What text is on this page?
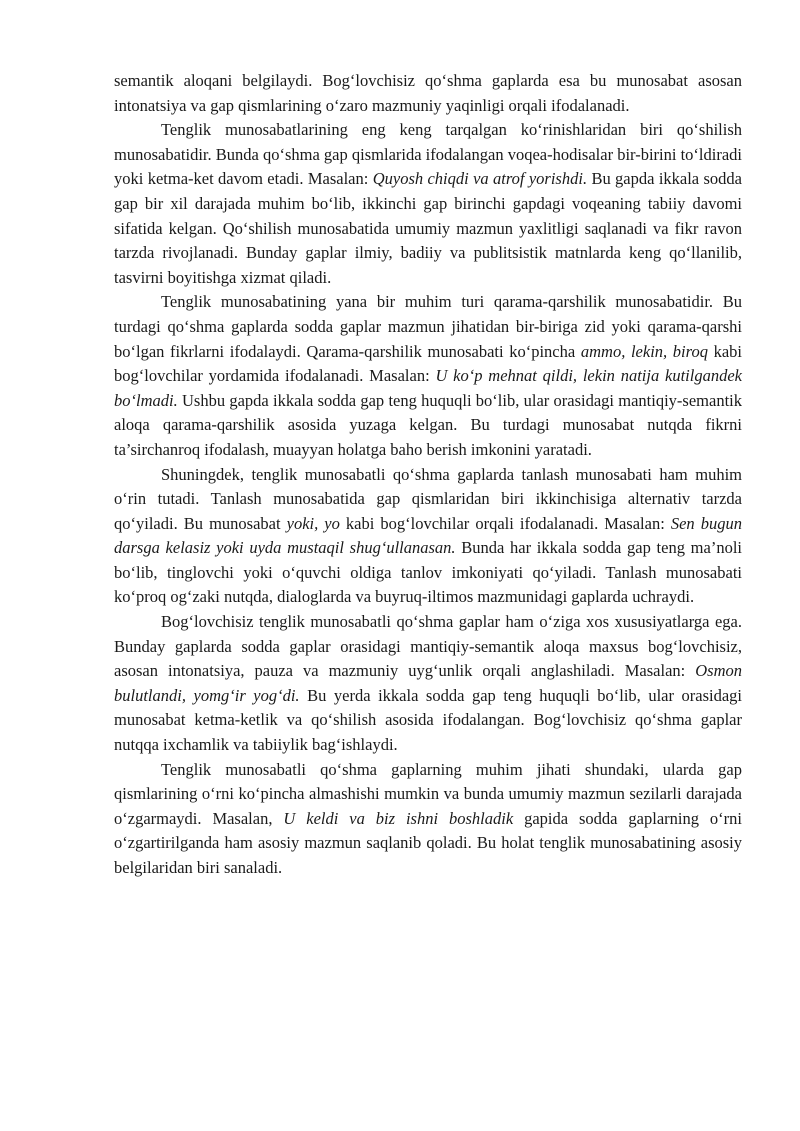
semantik aloqani belgilaydi. Bog‘lovchisiz qo‘shma gaplarda esa bu munosabat asosan intonatsiya va gap qismlarining o‘zaro mazmuniy yaqinligi orqali ifodalanadi.

Tenglik munosabatlarining eng keng tarqalgan ko‘rinishlaridan biri qo‘shilish munosabatidir. Bunda qo‘shma gap qismlarida ifodalangan voqea-hodisalar bir-birini to‘ldiradi yoki ketma-ket davom etadi. Masalan: Quyosh chiqdi va atrof yorishdi. Bu gapda ikkala sodda gap bir xil darajada muhim bo‘lib, ikkinchi gap birinchi gapdagi voqeaning tabiiy davomi sifatida kelgan. Qo‘shilish munosabatida umumiy mazmun yaxlitligi saqlanadi va fikr ravon tarzda rivojlanadi. Bunday gaplar ilmiy, badiiy va publitsistik matnlarda keng qo‘llanilib, tasvirni boyitishga xizmat qiladi.

Tenglik munosabatining yana bir muhim turi qarama-qarshilik munosabatidir. Bu turdagi qo‘shma gaplarda sodda gaplar mazmun jihatidan bir-biriga zid yoki qarama-qarshi bo‘lgan fikrlarni ifodalaydi. Qarama-qarshilik munosabati ko‘pincha ammo, lekin, biroq kabi bog‘lovchilar yordamida ifodalanadi. Masalan: U ko‘p mehnat qildi, lekin natija kutilgandek bo‘lmadi. Ushbu gapda ikkala sodda gap teng huquqli bo‘lib, ular orasidagi mantiqiy-semantik aloqa qarama-qarshilik asosida yuzaga kelgan. Bu turdagi munosabat nutqda fikrni ta’sirchanroq ifodalash, muayyan holatga baho berish imkonini yaratadi.

Shuningdek, tenglik munosabatli qo‘shma gaplarda tanlash munosabati ham muhim o‘rin tutadi. Tanlash munosabatida gap qismlaridan biri ikkinchisiga alternativ tarzda qo‘yiladi. Bu munosabat yoki, yo kabi bog‘lovchilar orqali ifodalanadi. Masalan: Sen bugun darsga kelasiz yoki uyda mustaqil shug‘ullanasan. Bunda har ikkala sodda gap teng ma’noli bo‘lib, tinglovchi yoki o‘quvchi oldiga tanlov imkoniyati qo‘yiladi. Tanlash munosabati ko‘proq og‘zaki nutqda, dialoglarda va buyruq-iltimos mazmunidagi gaplarda uchraydi.

Bog‘lovchisiz tenglik munosabatli qo‘shma gaplar ham o‘ziga xos xususiyatlarga ega. Bunday gaplarda sodda gaplar orasidagi mantiqiy-semantik aloqa maxsus bog‘lovchisiz, asosan intonatsiya, pauza va mazmuniy uyg‘unlik orqali anglashiladi. Masalan: Osmon bulutlandi, yomg‘ir yog‘di. Bu yerda ikkala sodda gap teng huquqli bo‘lib, ular orasidagi munosabat ketma-ketlik va qo‘shilish asosida ifodalangan. Bog‘lovchisiz qo‘shma gaplar nutqqa ixchamlik va tabiiylik bag‘ishlaydi.

Tenglik munosabatli qo‘shma gaplarning muhim jihati shundaki, ularda gap qismlarining o‘rni ko‘pincha almashishi mumkin va bunda umumiy mazmun sezilarli darajada o‘zgarmaydi. Masalan, U keldi va biz ishni boshladik gapida sodda gaplarning o‘rni o‘zgartirilganda ham asosiy mazmun saqlanib qoladi. Bu holat tenglik munosabatining asosiy belgilaridan biri sanaladi.
